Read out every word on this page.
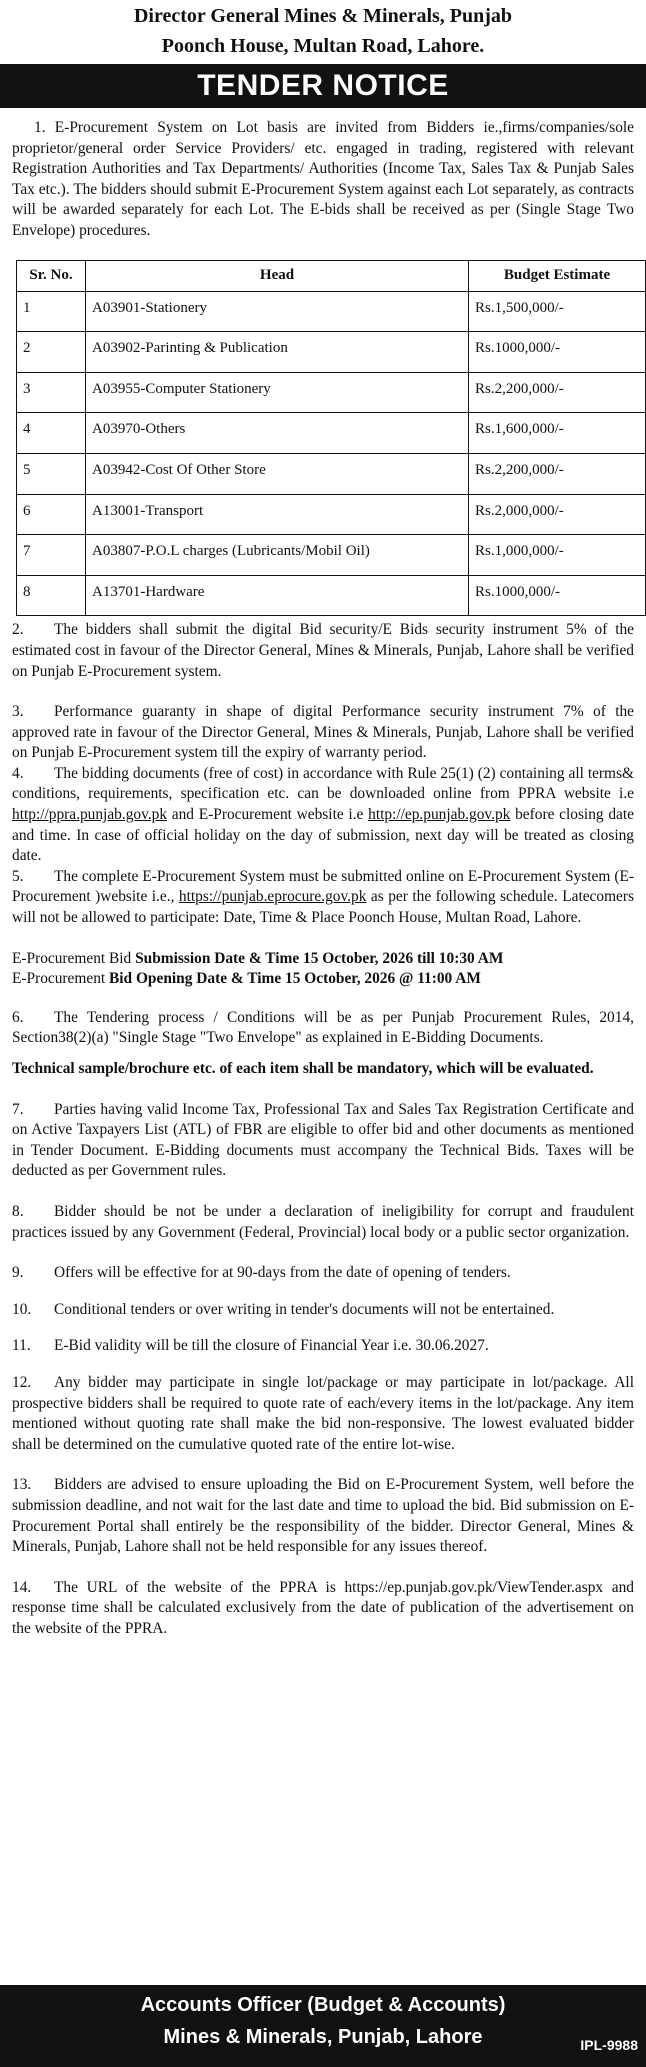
Director General Mines & Minerals, Punjab
Poonch House, Multan Road, Lahore.
TENDER NOTICE

1. E-Procurement System on Lot basis are invited from Bidders ie.,firms/companies/sole proprietor/general order Service Providers/ etc. engaged in trading, registered with relevant Registration Authorities and Tax Departments/ Authorities (Income Tax, Sales Tax & Punjab Sales Tax etc.). The bidders should submit E-Procurement System against each Lot separately, as contracts will be awarded separately for each Lot. The E-bids shall be received as per (Single Stage Two Envelope) procedures.

Sr. No.	Head	Budget Estimate
1	A03901-Stationery	Rs.1,500,000/-
2	A03902-Parinting & Publication	Rs.1000,000/-
3	A03955-Computer Stationery	Rs.2,200,000/-
4	A03970-Others	Rs.1,600,000/-
5	A03942-Cost Of Other Store	Rs.2,200,000/-
6	A13001-Transport	Rs.2,000,000/-
7	A03807-P.O.L charges (Lubricants/Mobil Oil)	Rs.1,000,000/-
8	A13701-Hardware	Rs.1000,000/-

2. The bidders shall submit the digital Bid security/E Bids security instrument 5% of the estimated cost in favour of the Director General, Mines & Minerals, Punjab, Lahore shall be verified on Punjab E-Procurement system.

3. Performance guaranty in shape of digital Performance security instrument 7% of the approved rate in favour of the Director General, Mines & Minerals, Punjab, Lahore shall be verified on Punjab E-Procurement system till the expiry of warranty period.

4. The bidding documents (free of cost) in accordance with Rule 25(1) (2) containing all terms& conditions, requirements, specification etc. can be downloaded online from PPRA website i.e http://ppra.punjab.gov.pk and E-Procurement website i.e http://ep.punjab.gov.pk before closing date and time. In case of official holiday on the day of submission, next day will be treated as closing date.

5. The complete E-Procurement System must be submitted online on E-Procurement System (E-Procurement )website i.e., https://punjab.eprocure.gov.pk as per the following schedule. Latecomers will not be allowed to participate: Date, Time & Place Poonch House, Multan Road, Lahore.

E-Procurement Bid Submission Date & Time 15 October, 2026 till 10:30 AM

E-Procurement Bid Opening Date & Time 15 October, 2026 @ 11:00 AM

6. The Tendering process / Conditions will be as per Punjab Procurement Rules, 2014, Section38(2)(a) "Single Stage "Two Envelope" as explained in E-Bidding Documents.

Technical sample/brochure etc. of each item shall be mandatory, which will be evaluated.

7. Parties having valid Income Tax, Professional Tax and Sales Tax Registration Certificate and on Active Taxpayers List (ATL) of FBR are eligible to offer bid and other documents as mentioned in Tender Document. E-Bidding documents must accompany the Technical Bids. Taxes will be deducted as per Government rules.

8. Bidder should be not be under a declaration of ineligibility for corrupt and fraudulent practices issued by any Government (Federal, Provincial) local body or a public sector organization.

9. Offers will be effective for at 90-days from the date of opening of tenders.

10. Conditional tenders or over writing in tender's documents will not be entertained.

11. E-Bid validity will be till the closure of Financial Year i.e. 30.06.2027.

12. Any bidder may participate in single lot/package or may participate in lot/package. All prospective bidders shall be required to quote rate of each/every items in the lot/package. Any item mentioned without quoting rate shall make the bid non-responsive. The lowest evaluated bidder shall be determined on the cumulative quoted rate of the entire lot-wise.

13. Bidders are advised to ensure uploading the Bid on E-Procurement System, well before the submission deadline, and not wait for the last date and time to upload the bid. Bid submission on E-Procurement Portal shall entirely be the responsibility of the bidder. Director General, Mines & Minerals, Punjab, Lahore shall not be held responsible for any issues thereof.

14. The URL of the website of the PPRA is https://ep.punjab.gov.pk/ViewTender.aspx and response time shall be calculated exclusively from the date of publication of the advertisement on the website of the PPRA.

Accounts Officer (Budget & Accounts)
Mines & Minerals, Punjab, Lahore	IPL-9988
